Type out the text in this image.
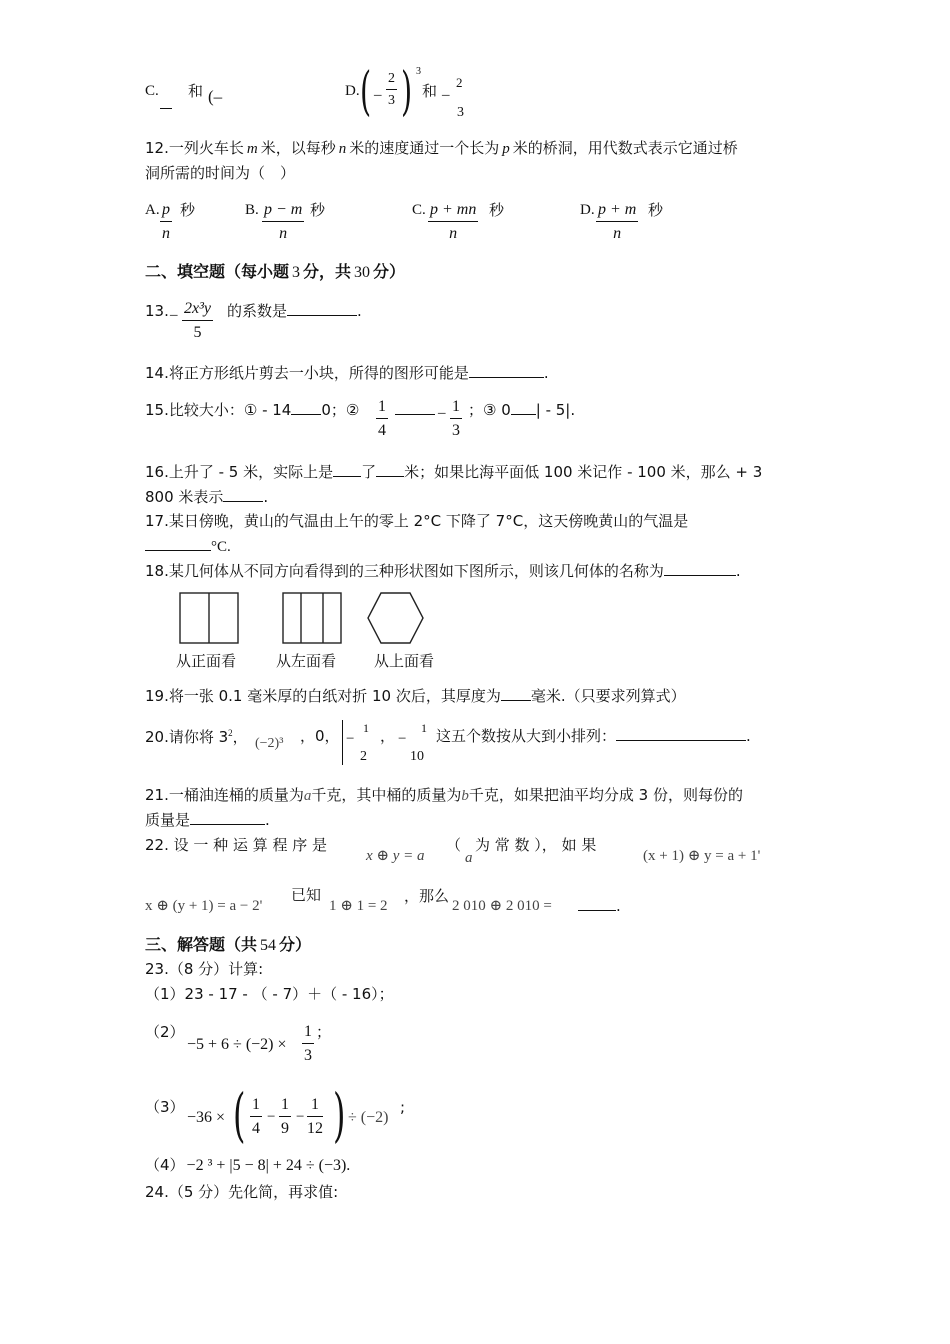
C. 和 (–	D. ( – $\frac{2}{3}$ ) 3
和 –
2
3
12.一列火车长 m 米，以每秒 n 米的速度通过一个长为 p 米的桥洞，用代数式表示它通过桥
洞所需的时间为（　）
A. $\frac{p}{n}$ 秒	B. $\frac{p - m}{n}$ 秒	C. $\frac{p + mn}{n}$ 秒	D. $\frac{p + m}{n}$ 秒
二、填空题（每小题 3 分，共 30 分）
13. – $\frac{\text{2x³y}}{5}$ 的系数是	.
14.将正方形纸片剪去一小块，所得的图形可能是	.
15.比较大小：① - 14 0；② $\frac{1}{4}$	– $\frac{1}{3}$ ；③ 0 | - 5|.
16.上升了 - 5 米，实际上是 了 米；如果比海平面低 100 米记作 - 100 米，那么 + 3
800 米表示	.
17.某日傍晚，黄山的气温由上午的零上 2°C 下降了 7°C，这天傍晚黄山的气温是
°C.
18.某几何体从不同方向看得到的三种形状图如下图所示，则该几何体的名称为	.
从正面看	从左面看	从上面看
19.将一张 0.1 毫米厚的白纸对折 10 次后，其厚度为 毫米.（只要求列算式）
20.请你将 $3^2$， (−2)³ ，0， −
1
2
， −
1
10
这五个数按从大到小排列：	.
21.一桶油连桶的质量为a千克，其中桶的质量为b千克，如果把油平均分成 3 份，则每份的
质量是	.
22. 设 一 种 运 算 程 序 是
x ⊕ y = a
（
a
为 常 数 ）， 如 果
(x + 1) ⊕ y = a + 1'
x ⊕ (y + 1) = a − 2'
已知
1 ⊕ 1 = 2
，那么
2 010 ⊕ 2 010 =	.
三、解答题（共 54 分）
23.（8 分）计算:
（1）23 - 17 - （ - 7）＋（ - 16）；
（2）
$-5 + 6 \div (-2) \times \frac{1}{3}$ ；
（3）
−36 × ( $\frac{1}{4} - \frac{1}{9} - \frac{1}{12}$ ) ÷ (−2)
;
（4） −2 ³ + |5 − 8| + 24 ÷ (−3).
24.（5 分）先化简，再求值:
